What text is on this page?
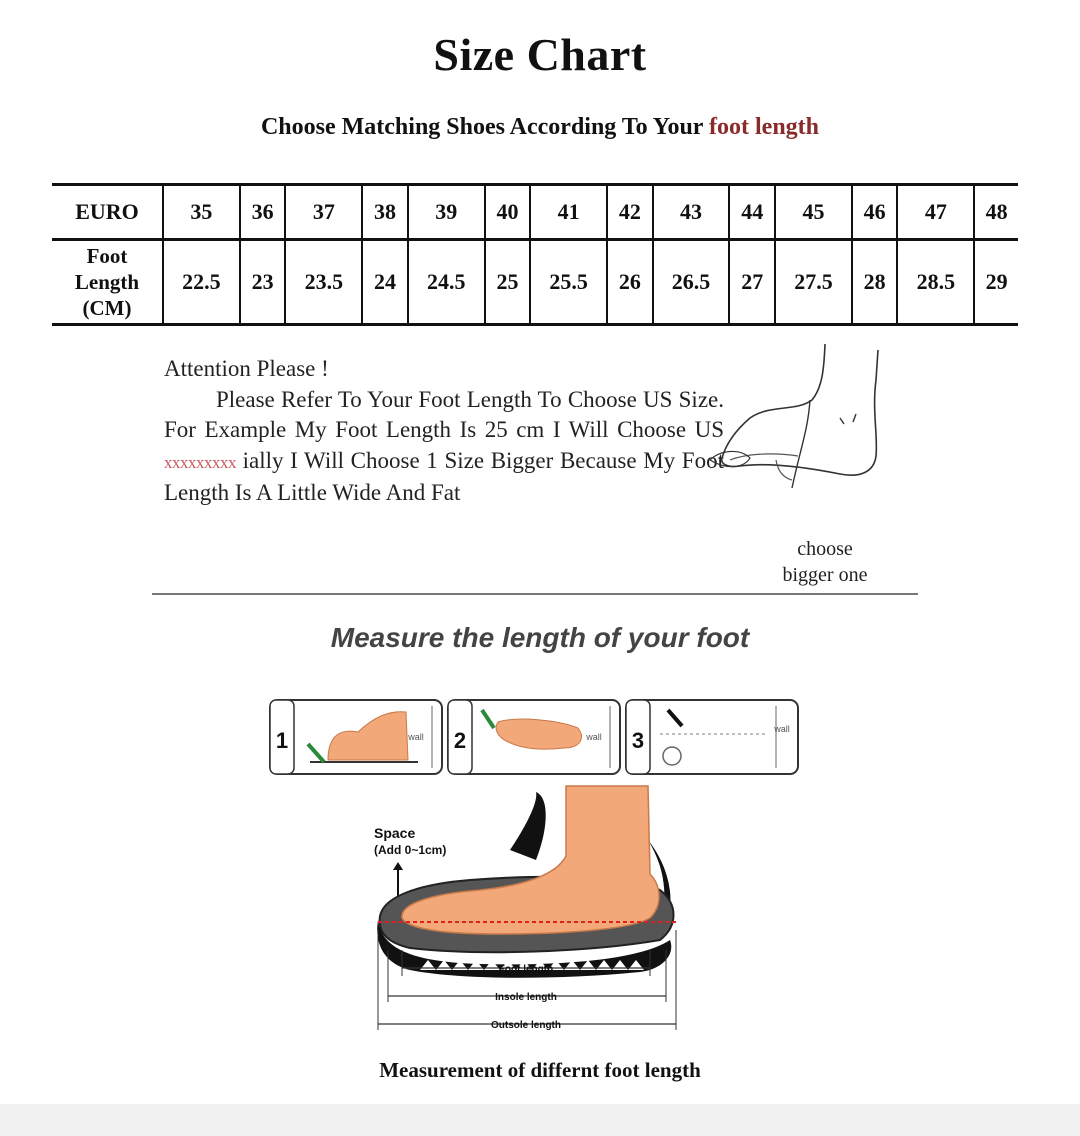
Size Chart
Choose Matching Shoes According To Your foot length
EURO	35	36	37	38	39	40	41	42	43	44	45	46	47	48

Foot
Length
(CM)	22.5	23	23.5	24	24.5	25	25.5	26	26.5	27	27.5	28	28.5	29
Attention Please !
Please Refer To Your Foot Length To Choose US Size. For Example My Foot Length Is 25 cm I Will Choose US xxxxxxxxx ially I Will Choose 1 Size Bigger Because My Foot Length Is A Little Wide And Fat
choose
bigger one
Measure the length of your foot
1	wall 2	wall 3	wall
Space
(Add 0~1cm)
Foot length
Insole length
Outsole length
Measurement of differnt foot length
